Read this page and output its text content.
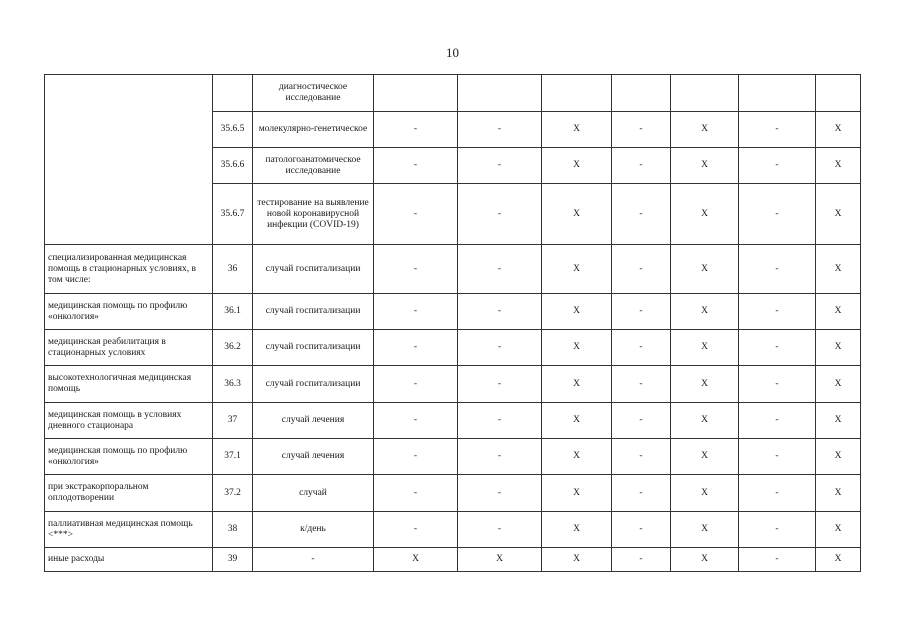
10
		диагностическое исследование							
	35.6.5	молекулярно-генетическое	-	-	X	-	X	-	X
	35.6.6	патологоанатомическое исследование	-	-	X	-	X	-	X
	35.6.7	тестирование на выявление новой коронавирусной инфекции (COVID-19)	-	-	X	-	X	-	X
специализированная медицинская помощь в стационарных условиях, в том числе:	36	случай госпитализации	-	-	X	-	X	-	X
медицинская помощь по профилю «онкология»	36.1	случай госпитализации	-	-	X	-	X	-	X
медицинская реабилитация в стационарных условиях	36.2	случай госпитализации	-	-	X	-	X	-	X
высокотехнологичная медицинская помощь	36.3	случай госпитализации	-	-	X	-	X	-	X
медицинская помощь в условиях дневного стационара	37	случай лечения	-	-	X	-	X	-	X
медицинская помощь по профилю «онкология»	37.1	случай лечения	-	-	X	-	X	-	X
при экстракорпоральном оплодотворении	37.2	случай	-	-	X	-	X	-	X
паллиативная медицинская помощь <***>	38	к/день	-	-	X	-	X	-	X
иные расходы	39	-	X	X	X	-	X	-	X
